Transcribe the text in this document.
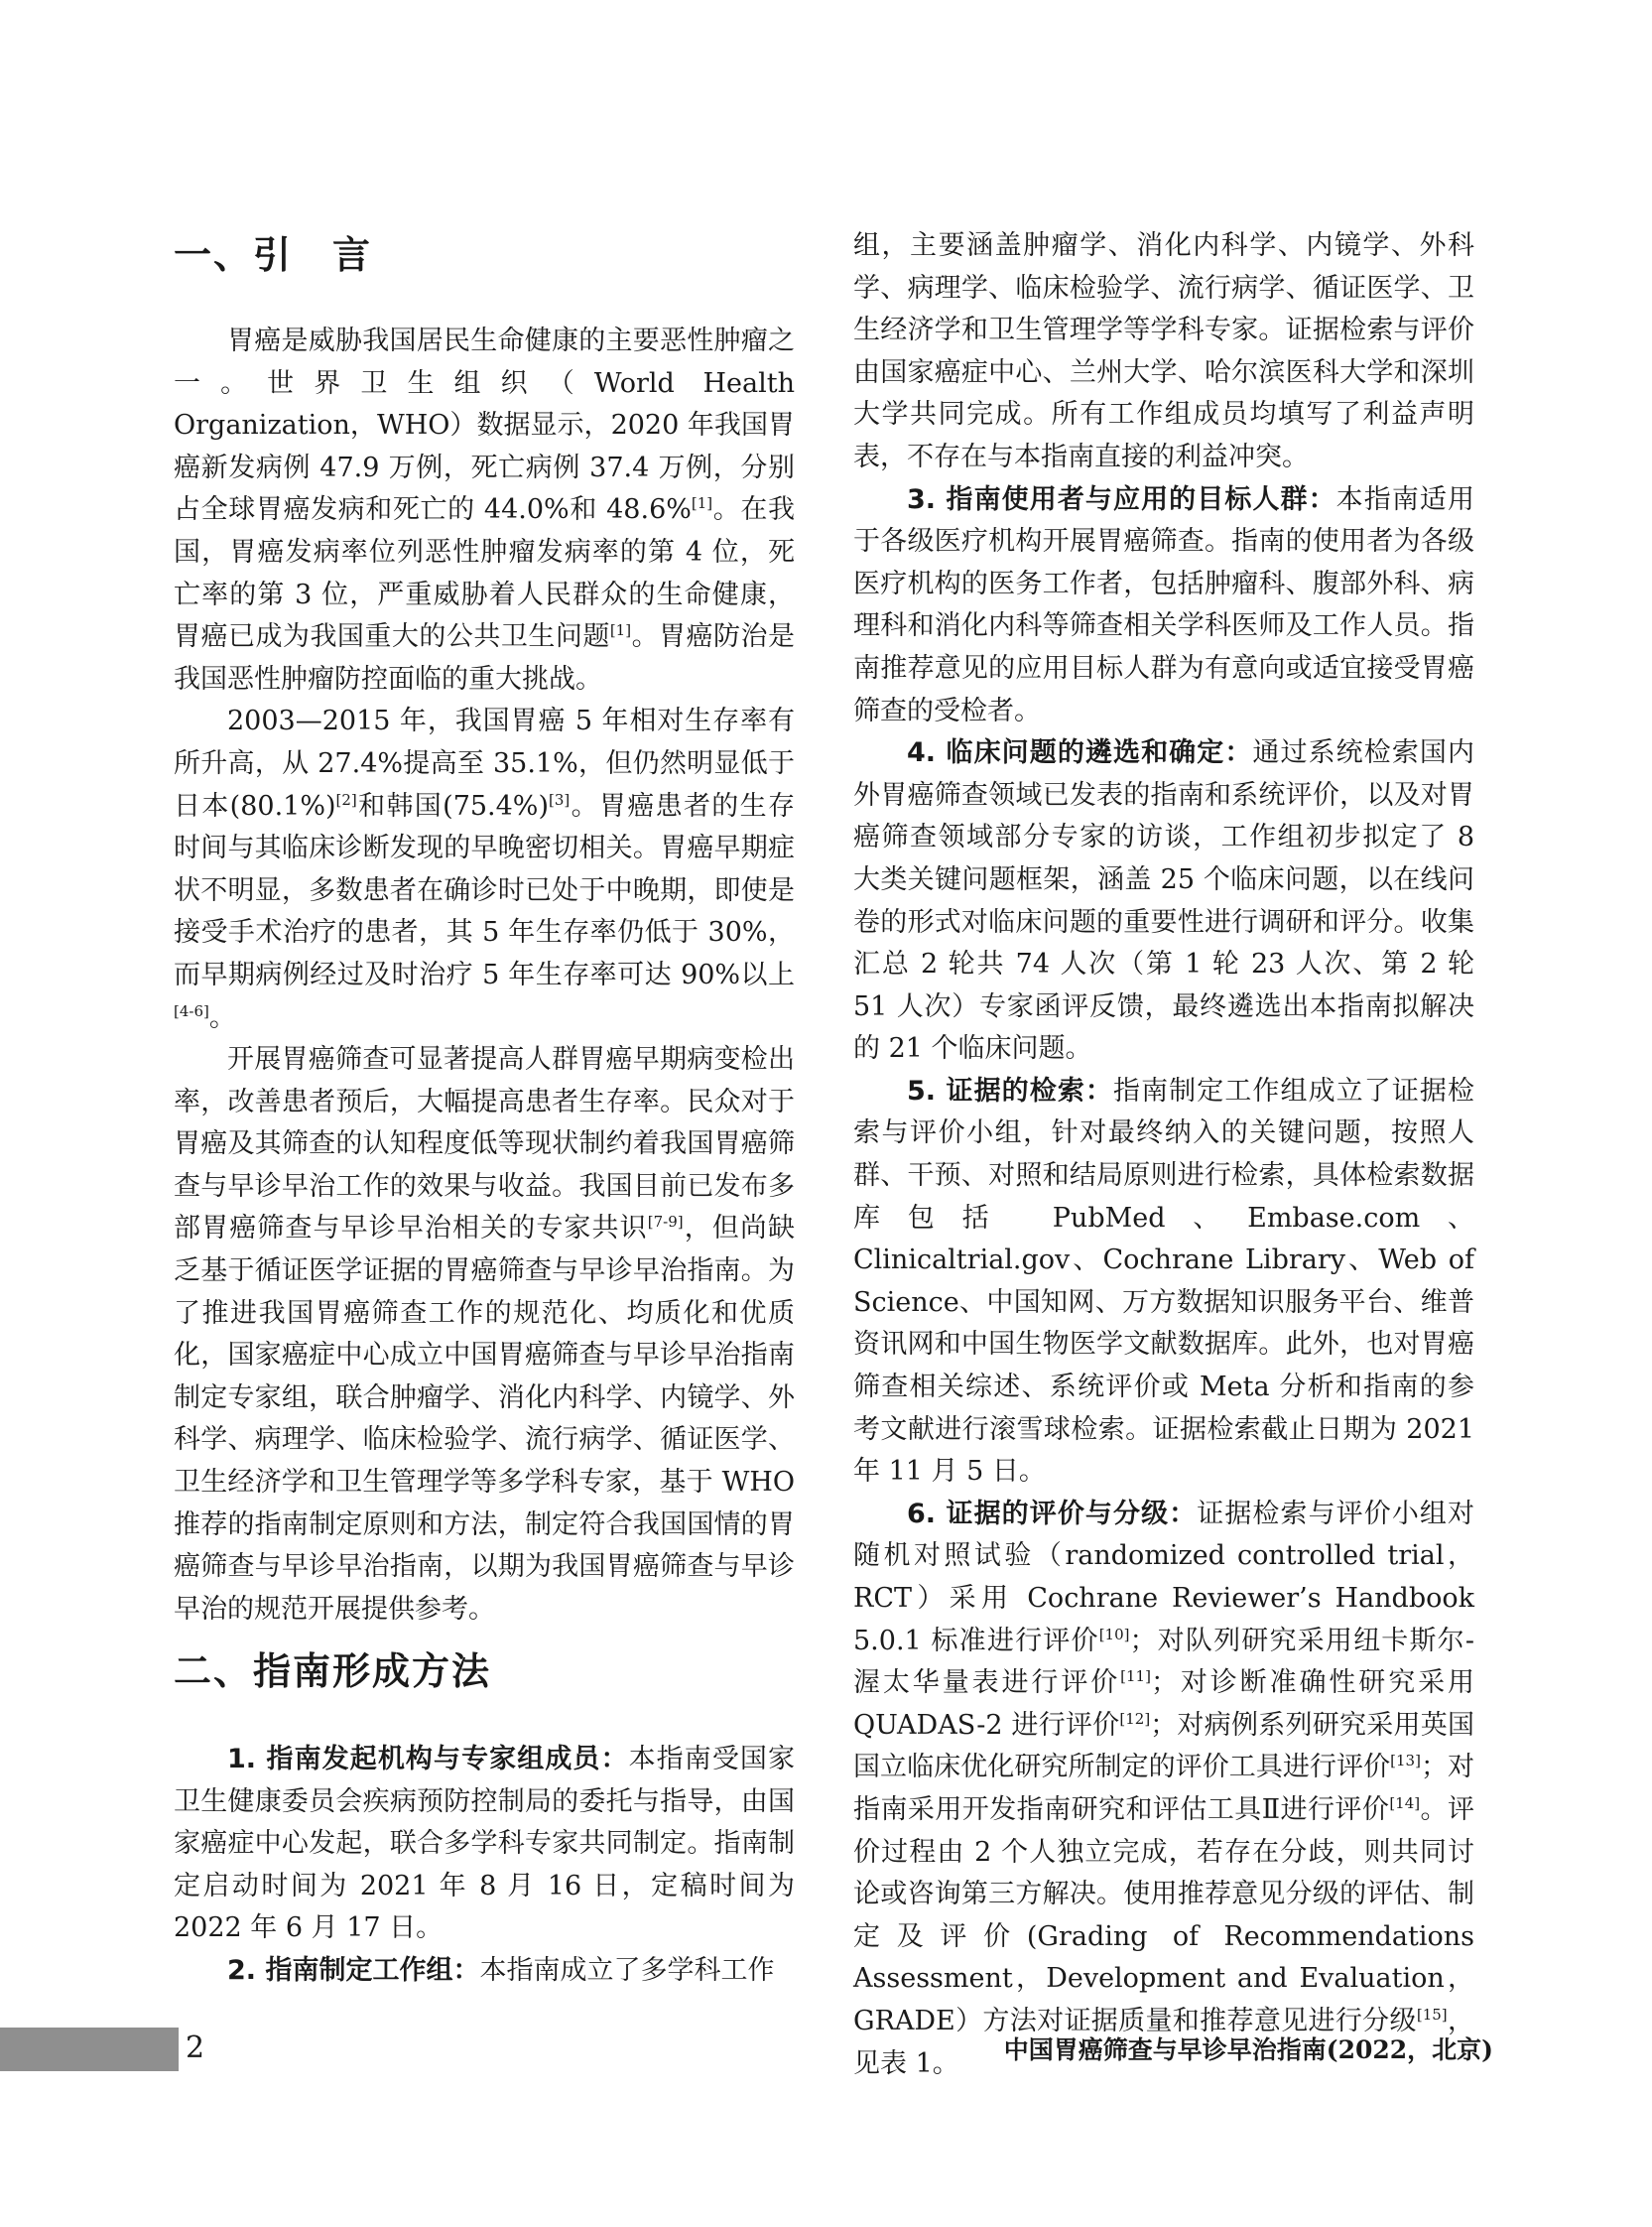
一、引　言

胃癌是威胁我国居民生命健康的主要恶性肿瘤之一。世界卫生组织（World Health Organization，WHO）数据显示，2020 年我国胃癌新发病例 47.9 万例，死亡病例 37.4 万例，分别占全球胃癌发病和死亡的 44.0%和 48.6%[1]。在我国，胃癌发病率位列恶性肿瘤发病率的第 4 位，死亡率的第 3 位，严重威胁着人民群众的生命健康，胃癌已成为我国重大的公共卫生问题[1]。胃癌防治是我国恶性肿瘤防控面临的重大挑战。

2003—2015 年，我国胃癌 5 年相对生存率有所升高，从 27.4%提高至 35.1%，但仍然明显低于日本(80.1%)[2]和韩国(75.4%)[3]。胃癌患者的生存时间与其临床诊断发现的早晚密切相关。胃癌早期症状不明显，多数患者在确诊时已处于中晚期，即使是接受手术治疗的患者，其 5 年生存率仍低于 30%，而早期病例经过及时治疗 5 年生存率可达 90%以上[4-6]。

开展胃癌筛查可显著提高人群胃癌早期病变检出率，改善患者预后，大幅提高患者生存率。民众对于胃癌及其筛查的认知程度低等现状制约着我国胃癌筛查与早诊早治工作的效果与收益。我国目前已发布多部胃癌筛查与早诊早治相关的专家共识[7-9]，但尚缺乏基于循证医学证据的胃癌筛查与早诊早治指南。为了推进我国胃癌筛查工作的规范化、均质化和优质化，国家癌症中心成立中国胃癌筛查与早诊早治指南制定专家组，联合肿瘤学、消化内科学、内镜学、外科学、病理学、临床检验学、流行病学、循证医学、卫生经济学和卫生管理学等多学科专家，基于 WHO 推荐的指南制定原则和方法，制定符合我国国情的胃癌筛查与早诊早治指南，以期为我国胃癌筛查与早诊早治的规范开展提供参考。

二、指南形成方法

1. 指南发起机构与专家组成员：本指南受国家卫生健康委员会疾病预防控制局的委托与指导，由国家癌症中心发起，联合多学科专家共同制定。指南制定启动时间为 2021 年 8 月 16 日，定稿时间为 2022 年 6 月 17 日。

2. 指南制定工作组：本指南成立了多学科工作

组，主要涵盖肿瘤学、消化内科学、内镜学、外科学、病理学、临床检验学、流行病学、循证医学、卫生经济学和卫生管理学等学科专家。证据检索与评价由国家癌症中心、兰州大学、哈尔滨医科大学和深圳大学共同完成。所有工作组成员均填写了利益声明表，不存在与本指南直接的利益冲突。

3. 指南使用者与应用的目标人群：本指南适用于各级医疗机构开展胃癌筛查。指南的使用者为各级医疗机构的医务工作者，包括肿瘤科、腹部外科、病理科和消化内科等筛查相关学科医师及工作人员。指南推荐意见的应用目标人群为有意向或适宜接受胃癌筛查的受检者。

4. 临床问题的遴选和确定：通过系统检索国内外胃癌筛查领域已发表的指南和系统评价，以及对胃癌筛查领域部分专家的访谈，工作组初步拟定了 8 大类关键问题框架，涵盖 25 个临床问题，以在线问卷的形式对临床问题的重要性进行调研和评分。收集汇总 2 轮共 74 人次（第 1 轮 23 人次、第 2 轮 51 人次）专家函评反馈，最终遴选出本指南拟解决的 21 个临床问题。

5. 证据的检索：指南制定工作组成立了证据检索与评价小组，针对最终纳入的关键问题，按照人群、干预、对照和结局原则进行检索，具体检索数据库包括 PubMed、Embase.com、Clinicaltrial.gov、Cochrane Library、Web of Science、中国知网、万方数据知识服务平台、维普资讯网和中国生物医学文献数据库。此外，也对胃癌筛查相关综述、系统评价或 Meta 分析和指南的参考文献进行滚雪球检索。证据检索截止日期为 2021 年 11 月 5 日。

6. 证据的评价与分级：证据检索与评价小组对随机对照试验（randomized controlled trial，RCT）采用 Cochrane Reviewer’s Handbook 5.0.1 标准进行评价[10]；对队列研究采用纽卡斯尔-渥太华量表进行评价[11]；对诊断准确性研究采用 QUADAS-2 进行评价[12]；对病例系列研究采用英国国立临床优化研究所制定的评价工具进行评价[13]；对指南采用开发指南研究和评估工具Ⅱ进行评价[14]。评价过程由 2 个人独立完成，若存在分歧，则共同讨论或咨询第三方解决。使用推荐意见分级的评估、制定及评价(Grading of Recommendations Assessment，Development and Evaluation，GRADE）方法对证据质量和推荐意见进行分级[15]，见表 1。

2	中国胃癌筛查与早诊早治指南(2022，北京)
